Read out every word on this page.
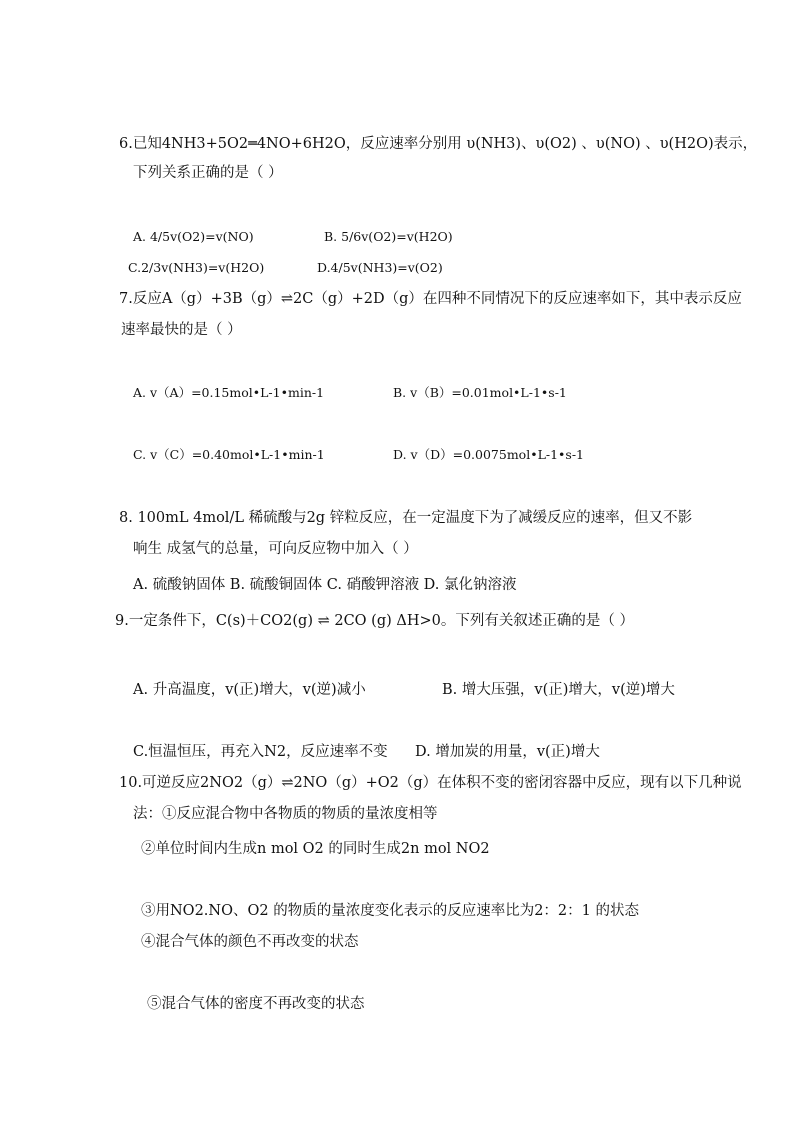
6.已知4NH3+5O2═4NO+6H2O，反应速率分别用 υ(NH3)、υ(O2) 、υ(NO) 、υ(H2O)表示，
下列关系正确的是（ ）
A. 4/5v(O2)=v(NO)	B. 5/6v(O2)=v(H2O)
C.2/3v(NH3)=v(H2O)	D.4/5v(NH3)=v(O2)
7.反应A（g）+3B（g）⇌2C（g）+2D（g）在四种不同情况下的反应速率如下，其中表示反应
速率最快的是（ ）
A. v（A）=0.15mol•L-1•min-1	B. v（B）=0.01mol•L-1•s-1
C. v（C）=0.40mol•L-1•min-1	D. v（D）=0.0075mol•L-1•s-1
8. 100mL 4mol/L 稀硫酸与2g 锌粒反应，在一定温度下为了减缓反应的速率，但又不影
响生 成氢气的总量，可向反应物中加入（ ）
A. 硫酸钠固体 B. 硫酸铜固体 C. 硝酸钾溶液 D. 氯化钠溶液
9.一定条件下，C(s)＋CO2(g) ⇌ 2CO (g) ΔH>0。下列有关叙述正确的是（ ）
A. 升高温度，v(正)增大，v(逆)减小	B. 增大压强，v(正)增大，v(逆)增大
C.恒温恒压，再充入N2，反应速率不变 D. 增加炭的用量，v(正)增大
10.可逆反应2NO2（g）⇌2NO（g）+O2（g）在体积不变的密闭容器中反应，现有以下几种说
法：①反应混合物中各物质的物质的量浓度相等
②单位时间内生成n mol O2 的同时生成2n mol NO2
③用NO2.NO、O2 的物质的量浓度变化表示的反应速率比为2：2：1 的状态
④混合气体的颜色不再改变的状态
⑤混合气体的密度不再改变的状态
